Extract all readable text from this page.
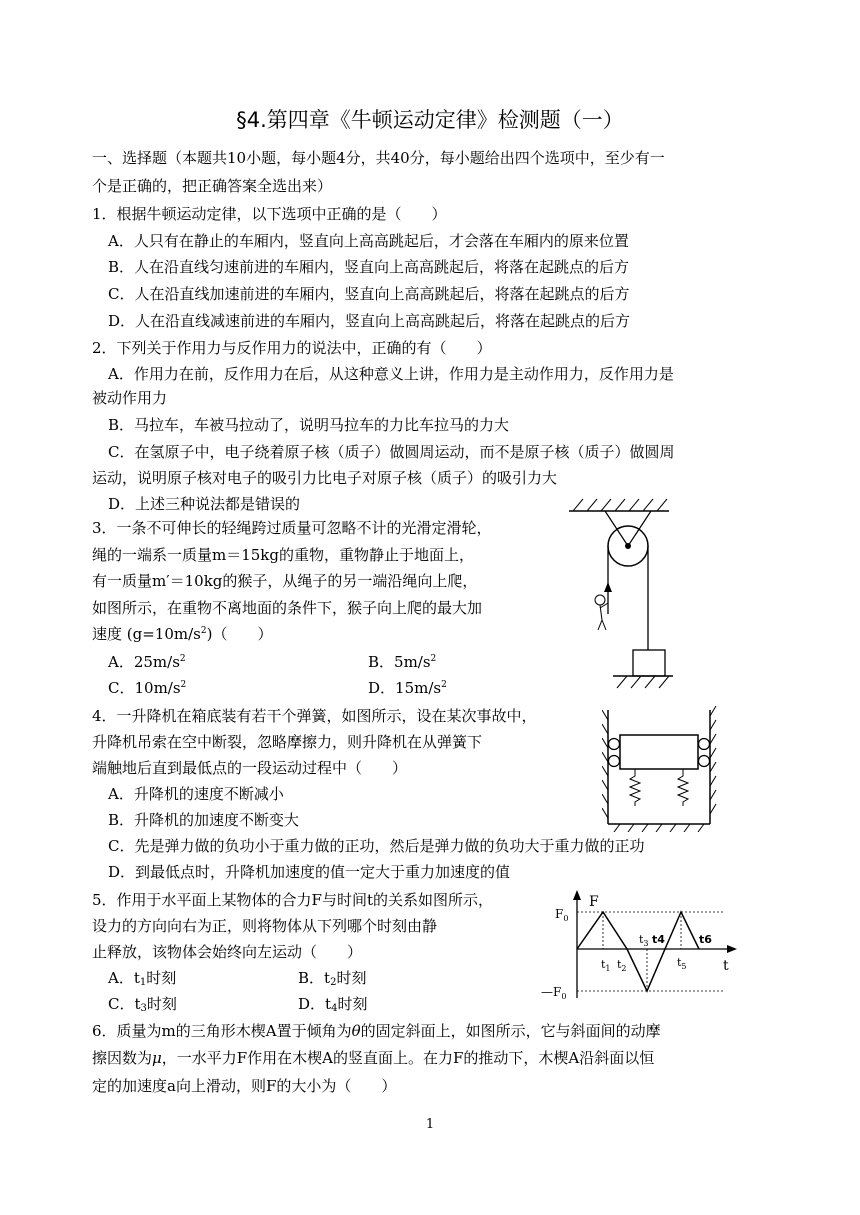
§4.第四章《牛顿运动定律》检测题（一）
一、选择题（本题共10小题，每小题4分，共40分，每小题给出四个选项中，至少有一
个是正确的，把正确答案全选出来）
1．根据牛顿运动定律，以下选项中正确的是（　　）
A．人只有在静止的车厢内，竖直向上高高跳起后，才会落在车厢内的原来位置
B．人在沿直线匀速前进的车厢内，竖直向上高高跳起后，将落在起跳点的后方
C．人在沿直线加速前进的车厢内，竖直向上高高跳起后，将落在起跳点的后方
D．人在沿直线减速前进的车厢内，竖直向上高高跳起后，将落在起跳点的后方
2．下列关于作用力与反作用力的说法中，正确的有（　　）
A．作用力在前，反作用力在后，从这种意义上讲，作用力是主动作用力，反作用力是
被动作用力
B．马拉车，车被马拉动了，说明马拉车的力比车拉马的力大
C．在氢原子中，电子绕着原子核（质子）做圆周运动，而不是原子核（质子）做圆周
运动，说明原子核对电子的吸引力比电子对原子核（质子）的吸引力大
D．上述三种说法都是错误的
3．一条不可伸长的轻绳跨过质量可忽略不计的光滑定滑轮，
绳的一端系一质量m＝15kg的重物，重物静止于地面上，
有一质量m′＝10kg的猴子，从绳子的另一端沿绳向上爬，
如图所示，在重物不离地面的条件下，猴子向上爬的最大加
速度 $(g=10m/s^2)$（　　）
A．$25m/s^2$	B．$5m/s^2$
C．$10m/s^2$	D．$15m/s^2$
4．一升降机在箱底装有若干个弹簧，如图所示，设在某次事故中，
升降机吊索在空中断裂，忽略摩擦力，则升降机在从弹簧下
端触地后直到最低点的一段运动过程中（　　）
A．升降机的速度不断减小
B．升降机的加速度不断变大
C．先是弹力做的负功小于重力做的正功，然后是弹力做的负功大于重力做的正功
D．到最低点时，升降机加速度的值一定大于重力加速度的值
5．作用于水平面上某物体的合力F与时间t的关系如图所示，
设力的方向向右为正，则将物体从下列哪个时刻由静
止释放，该物体会始终向左运动（　　）
A．$t_1$时刻	B．$t_2$时刻
C．$t_3$时刻	D．$t_4$时刻
F
t
$F_0$
$—F_0$
$t_1$ $t_2$
$t_3$ t4
$t_5$
t6
6．质量为m的三角形木楔A置于倾角为θ的固定斜面上，如图所示，它与斜面间的动摩
擦因数为μ，一水平力F作用在木楔A的竖直面上。在力F的推动下，木楔A沿斜面以恒
定的加速度a向上滑动，则F的大小为（　　）
1
